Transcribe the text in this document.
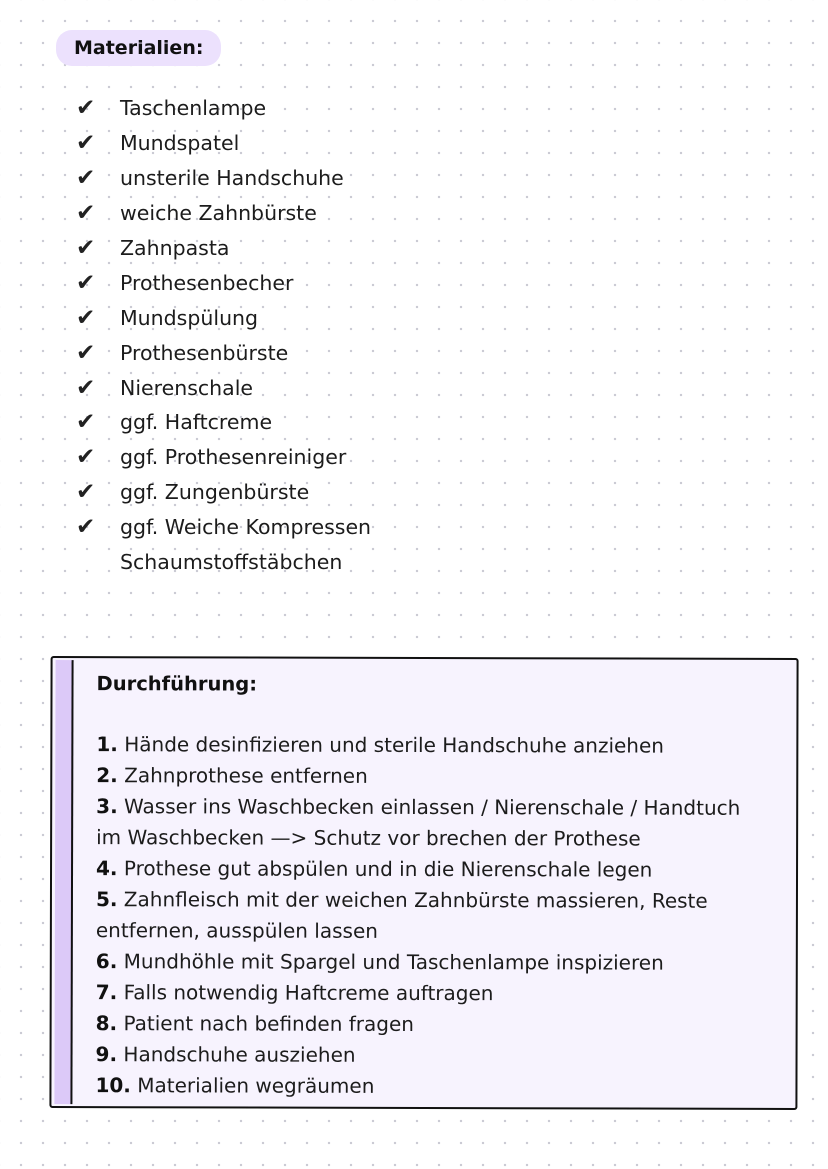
Materialien:
✔	Taschenlampe
✔	Mundspatel
✔	unsterile Handschuhe
✔	weiche Zahnbürste
✔	Zahnpasta
✔	Prothesenbecher
✔	Mundspülung
✔	Prothesenbürste
✔	Nierenschale
✔	ggf. Haftcreme
✔	ggf. Prothesenreiniger
✔	ggf. Zungenbürste
✔	ggf. Weiche Kompressen
Schaumstoffstäbchen
Durchführung:
1. Hände desinfizieren und sterile Handschuhe anziehen
2. Zahnprothese entfernen
3. Wasser ins Waschbecken einlassen / Nierenschale / Handtuch im Waschbecken —> Schutz vor brechen der Prothese
4. Prothese gut abspülen und in die Nierenschale legen
5. Zahnfleisch mit der weichen Zahnbürste massieren, Reste entfernen, ausspülen lassen
6. Mundhöhle mit Spargel und Taschenlampe inspizieren
7. Falls notwendig Haftcreme auftragen
8. Patient nach befinden fragen
9. Handschuhe ausziehen
10. Materialien wegräumen
